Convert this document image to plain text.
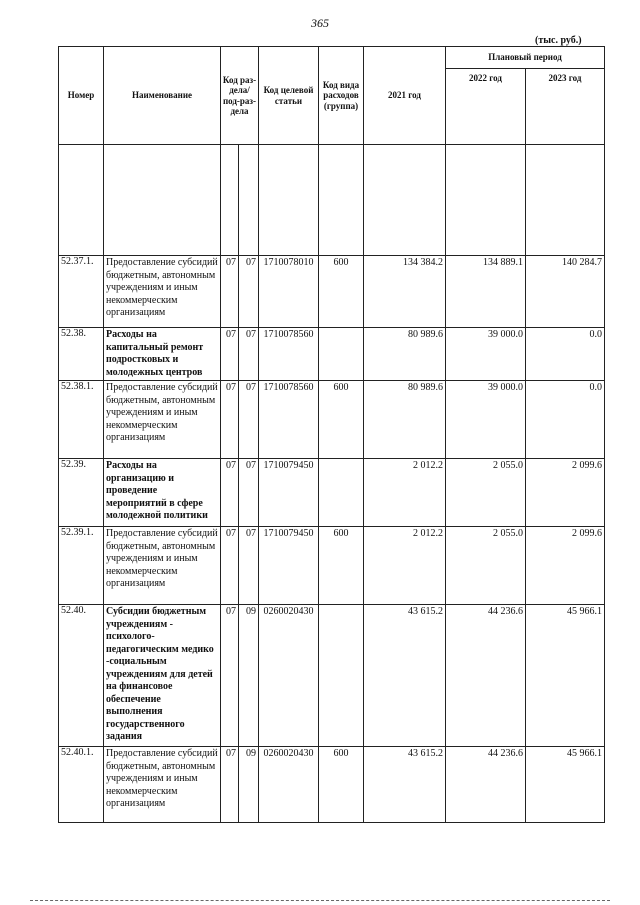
365
(тыс. руб.)
Номер	Наименование	Код раз-дела/ под-раз-дела		Код целевой статьи	Код вида расходов (группа)	2021 год	Плановый период	
							2022 год	2023 год

52.37.1.	Предоставление субсидий бюджетным, автономным учреждениям и иным некоммерческим организациям	07	07	1710078010	600	134 384.2	134 889.1	140 284.7
52.38.	Расходы на капитальный ремонт подростковых и молодежных центров	07	07	1710078560		80 989.6	39 000.0	0.0
52.38.1.	Предоставление субсидий бюджетным, автономным учреждениям и иным некоммерческим организациям	07	07	1710078560	600	80 989.6	39 000.0	0.0
52.39.	Расходы на организацию и проведение мероприятий в сфере молодежной политики	07	07	1710079450		2 012.2	2 055.0	2 099.6
52.39.1.	Предоставление субсидий бюджетным, автономным учреждениям и иным некоммерческим организациям	07	07	1710079450	600	2 012.2	2 055.0	2 099.6
52.40.	Субсидии бюджетным учреждениям - психолого-педагогическим медико -социальным учреждениям для детей на финансовое обеспечение выполнения государственного задания	07	09	0260020430		43 615.2	44 236.6	45 966.1
52.40.1.	Предоставление субсидий бюджетным, автономным учреждениям и иным некоммерческим организациям	07	09	0260020430	600	43 615.2	44 236.6	45 966.1
